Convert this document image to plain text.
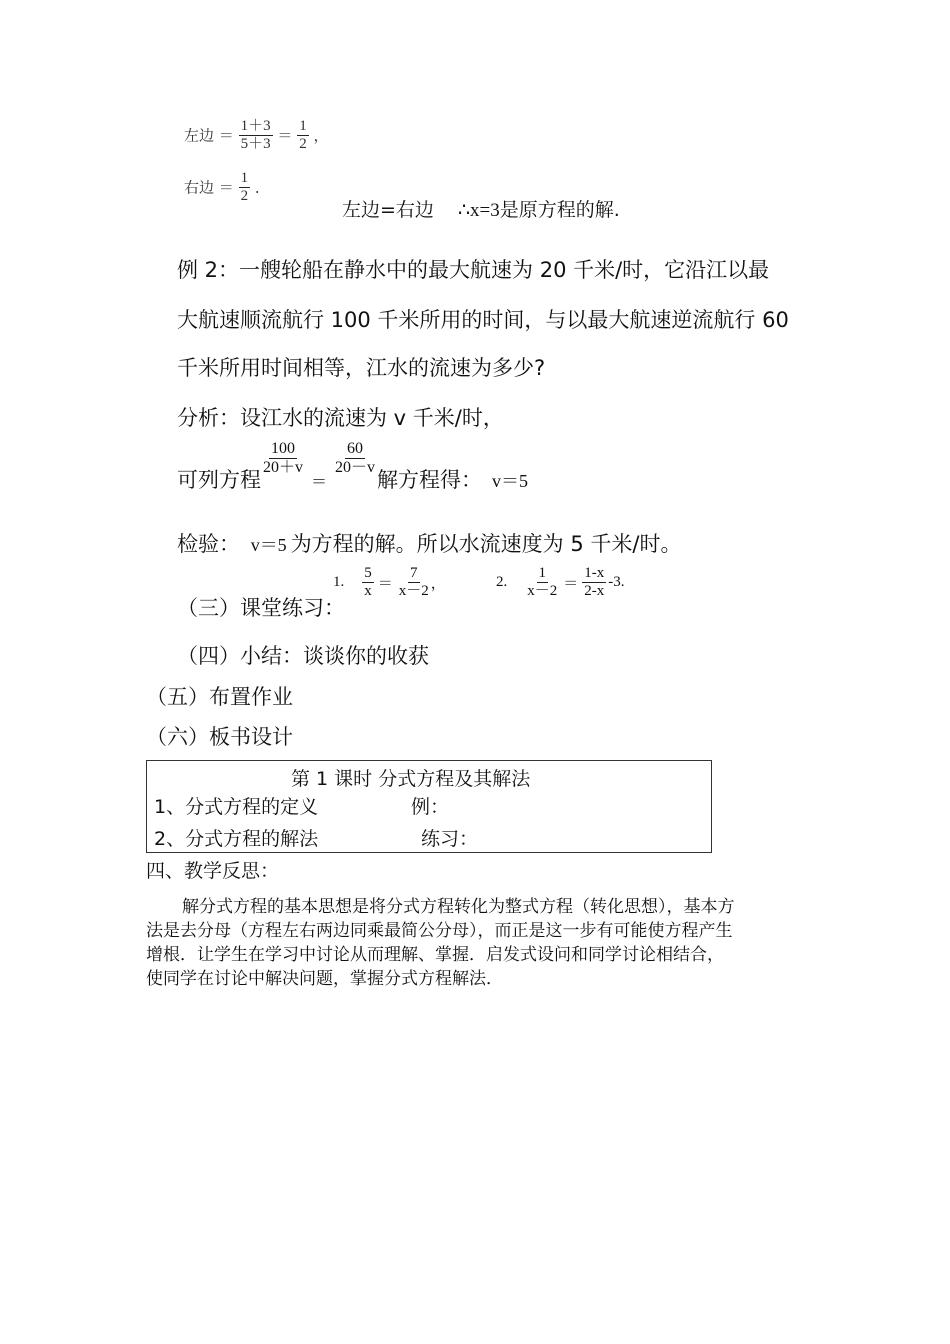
左边 ＝ $\frac{1+3}{5+3} = \frac{1}{2}$ ，
右边 ＝ $\frac{1}{2}$ ．
左边=右边 ∴x=3是原方程的解.
例 2：一艘轮船在静水中的最大航速为 20 千米/时，它沿江以最
大航速顺流航行 100 千米所用的时间，与以最大航速逆流航行 60
千米所用时间相等，江水的流速为多少?
分析：设江水的流速为 v 千米/时，
可列方程
$\frac{100}{20+v}$
＝
$\frac{60}{20-v}$
解方程得： v＝5
检验： v＝5 为方程的解。所以水流速度为 5 千米/时。
（三）课堂练习：
1. $\frac{5}{x} = \frac{7}{x-2}$ ，	2. $\frac{1}{x-2} = \frac{1-x}{2-x} -3$.
（四）小结：谈谈你的收获
（五）布置作业
（六）板书设计
第 1 课时 分式方程及其解法
1、分式方程的定义	例：
2、分式方程的解法	练习：
四、教学反思：
解分式方程的基本思想是将分式方程转化为整式方程（转化思想），基本方
法是去分母（方程左右两边同乘最简公分母），而正是这一步有可能使方程产生
增根．让学生在学习中讨论从而理解、掌握．启发式设问和同学讨论相结合，
使同学在讨论中解决问题，掌握分式方程解法．
